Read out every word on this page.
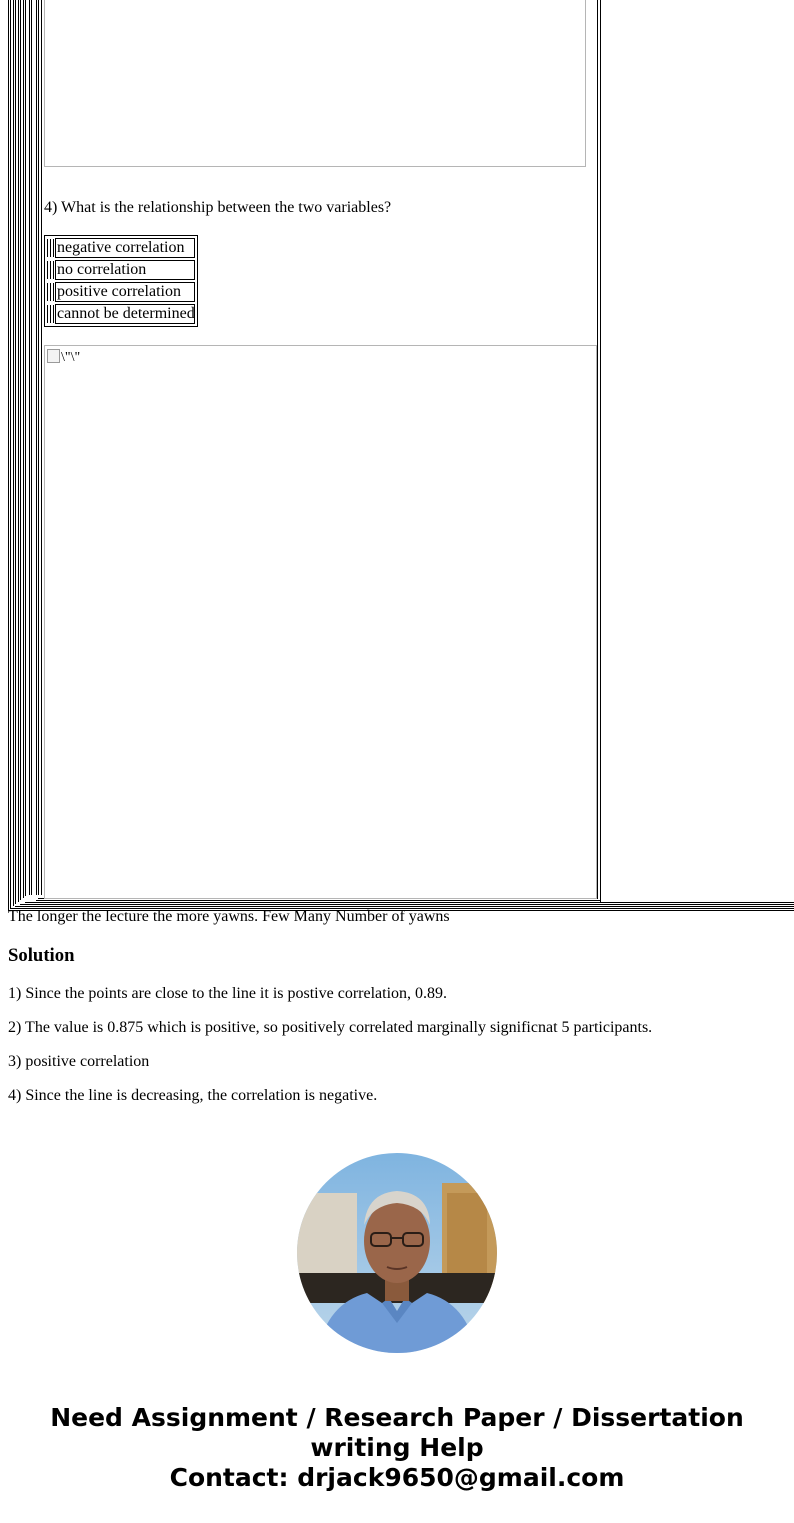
4) What is the relationship between the two variables?

negative correlation
no correlation
positive correlation
cannot be determined
\"\"
The longer the lecture the more yawns. Few Many Number of yawns
Solution

1) Since the points are close to the line it is postive correlation, 0.89.

2) The value is 0.875 which is positive, so positively correlated marginally significnat 5 participants.

3) positive correlation

4) Since the line is decreasing, the correlation is negative.

Need Assignment / Research Paper / Dissertation
writing Help
Contact: drjack9650@gmail.com
